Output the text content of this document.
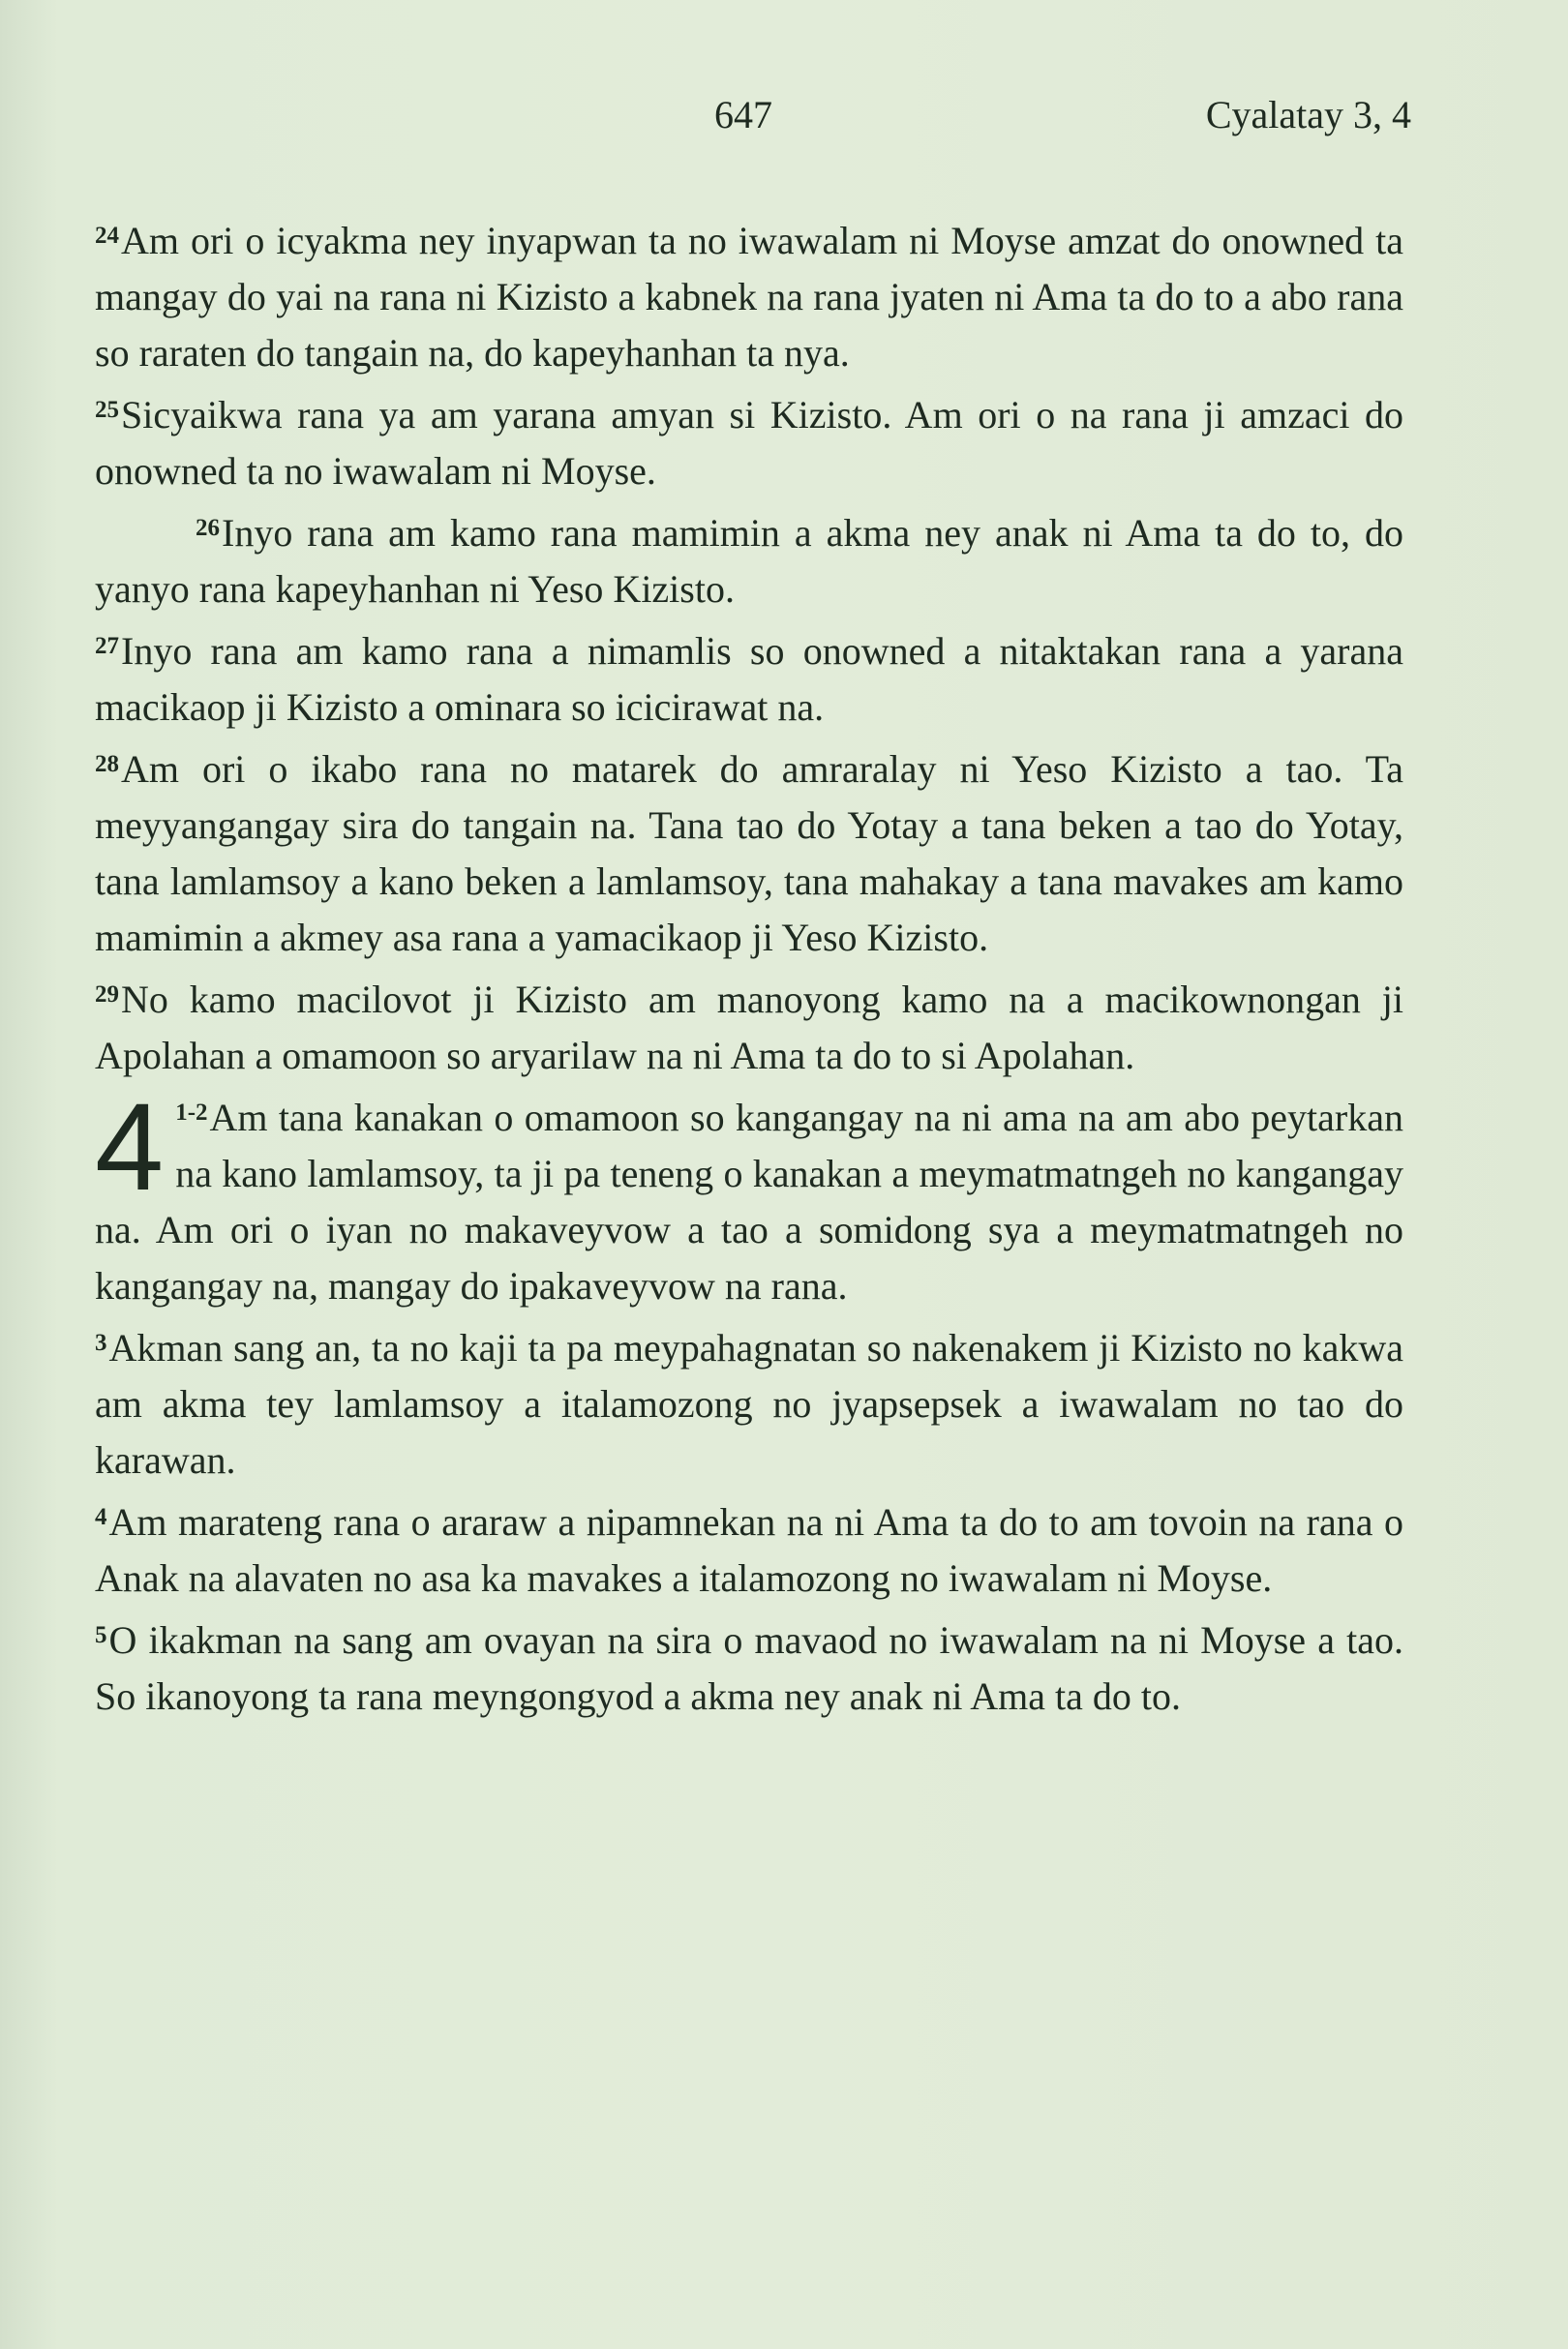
647	Cyalatay 3, 4

$^{24}$Am ori o icyakma ney inyapwan ta no iwawalam ni Moyse amzat do onowned ta mangay do yai na rana ni Kizisto a kabnek na rana jyaten ni Ama ta do to a abo rana so raraten do tangain na, do kapeyhanhan ta nya.

$^{25}$Sicyaikwa rana ya am yarana amyan si Kizisto. Am ori o na rana ji amzaci do onowned ta no iwawalam ni Moyse.

$^{26}$Inyo rana am kamo rana mamimin a akma ney anak ni Ama ta do to, do yanyo rana kapeyhanhan ni Yeso Kizisto.

$^{27}$Inyo rana am kamo rana a nimamlis so onowned a nitaktakan rana a yarana macikaop ji Kizisto a ominara so icicirawat na.

$^{28}$Am ori o ikabo rana no matarek do amraralay ni Yeso Kizisto a tao. Ta meyyangangay sira do tangain na. Tana tao do Yotay a tana beken a tao do Yotay, tana lamlamsoy a kano beken a lamlamsoy, tana mahakay a tana mavakes am kamo mamimin a akmey asa rana a yamacikaop ji Yeso Kizisto.

$^{29}$No kamo macilovot ji Kizisto am manoyong kamo na a macikownongan ji Apolahan a omamoon so aryarilaw na ni Ama ta do to si Apolahan.

4 $^{1-2}$Am tana kanakan o omamoon so kangangay na ni ama na am abo peytarkan na kano lamlamsoy, ta ji pa teneng o kanakan a meymatmatngeh no kangangay na. Am ori o iyan no makaveyvow a tao a somidong sya a meymatmatngeh no kangangay na, mangay do ipakaveyvow na rana.

$^3$Akman sang an, ta no kaji ta pa meypahagnatan so nakenakem ji Kizisto no kakwa am akma tey lamlamsoy a italamozong no jyapsepsek a iwawalam no tao do karawan.

$^4$Am marateng rana o araraw a nipamnekan na ni Ama ta do to am tovoin na rana o Anak na alavaten no asa ka mavakes a italamozong no iwawalam ni Moyse.

$^5$O ikakman na sang am ovayan na sira o mavaod no iwawalam na ni Moyse a tao. So ikanoyong ta rana meyngongyod a akma ney anak ni Ama ta do to.
